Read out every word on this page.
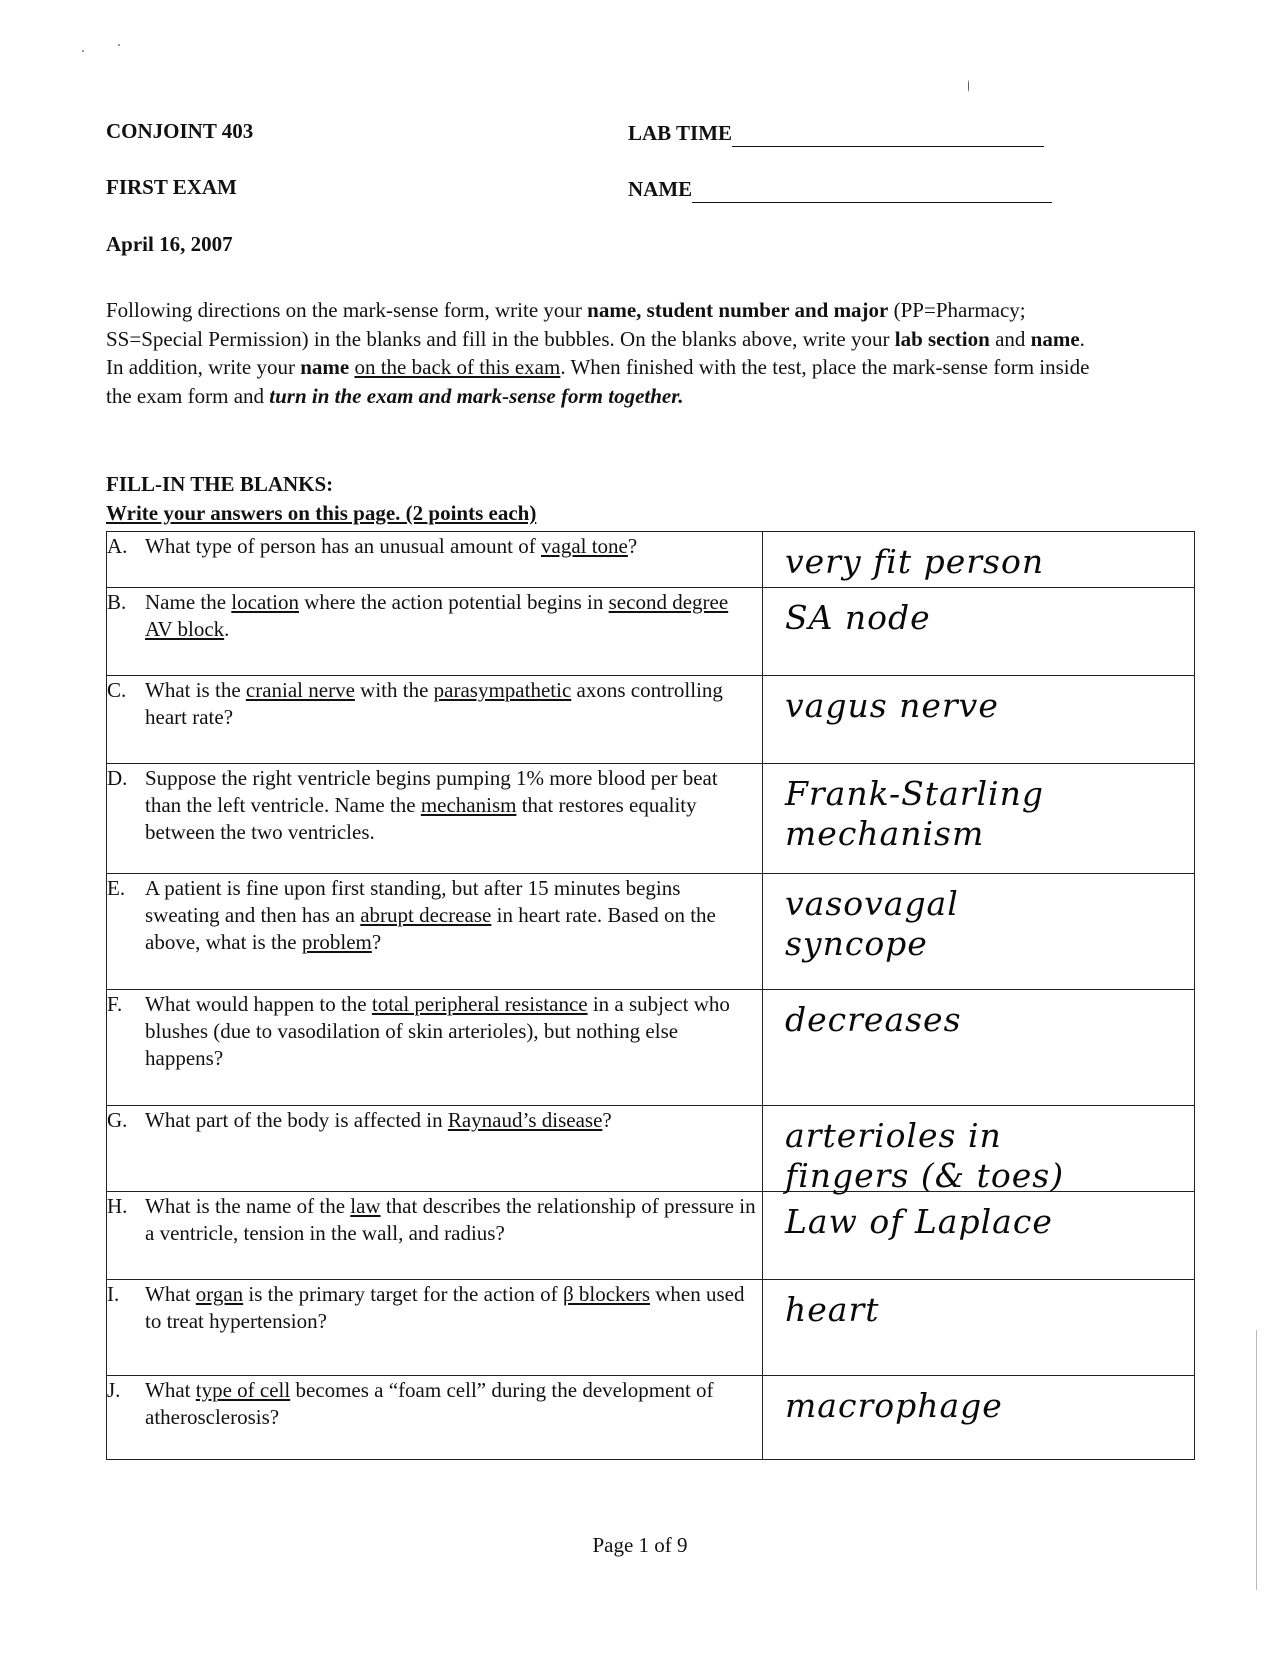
CONJOINT 403
FIRST EXAM
April 16, 2007
LAB TIME
NAME
Following directions on the mark-sense form, write your name, student number and major (PP=Pharmacy; SS=Special Permission) in the blanks and fill in the bubbles. On the blanks above, write your lab section and name. In addition, write your name on the back of this exam. When finished with the test, place the mark-sense form inside the exam form and turn in the exam and mark-sense form together.
FILL-IN THE BLANKS:
Write your answers on this page. (2 points each)
A. What type of person has an unusual amount of vagal tone?	very fit person

B. Name the location where the action potential begins in second degree AV block.	SA node

C. What is the cranial nerve with the parasympathetic axons controlling heart rate?	vagus nerve

D. Suppose the right ventricle begins pumping 1% more blood per beat than the left ventricle. Name the mechanism that restores equality between the two ventricles.	Frank-Starling
mechanism

E. A patient is fine upon first standing, but after 15 minutes begins sweating and then has an abrupt decrease in heart rate. Based on the above, what is the problem?	vasovagal
syncope

F. What would happen to the total peripheral resistance in a subject who blushes (due to vasodilation of skin arterioles), but nothing else happens?	decreases

G. What part of the body is affected in Raynaud’s disease?	arterioles in
fingers (& toes)

H. What is the name of the law that describes the relationship of pressure in a ventricle, tension in the wall, and radius?	Law of Laplace

I. What organ is the primary target for the action of β blockers when used to treat hypertension?	heart

J. What type of cell becomes a “foam cell” during the development of atherosclerosis?	macrophage
Page 1 of 9
